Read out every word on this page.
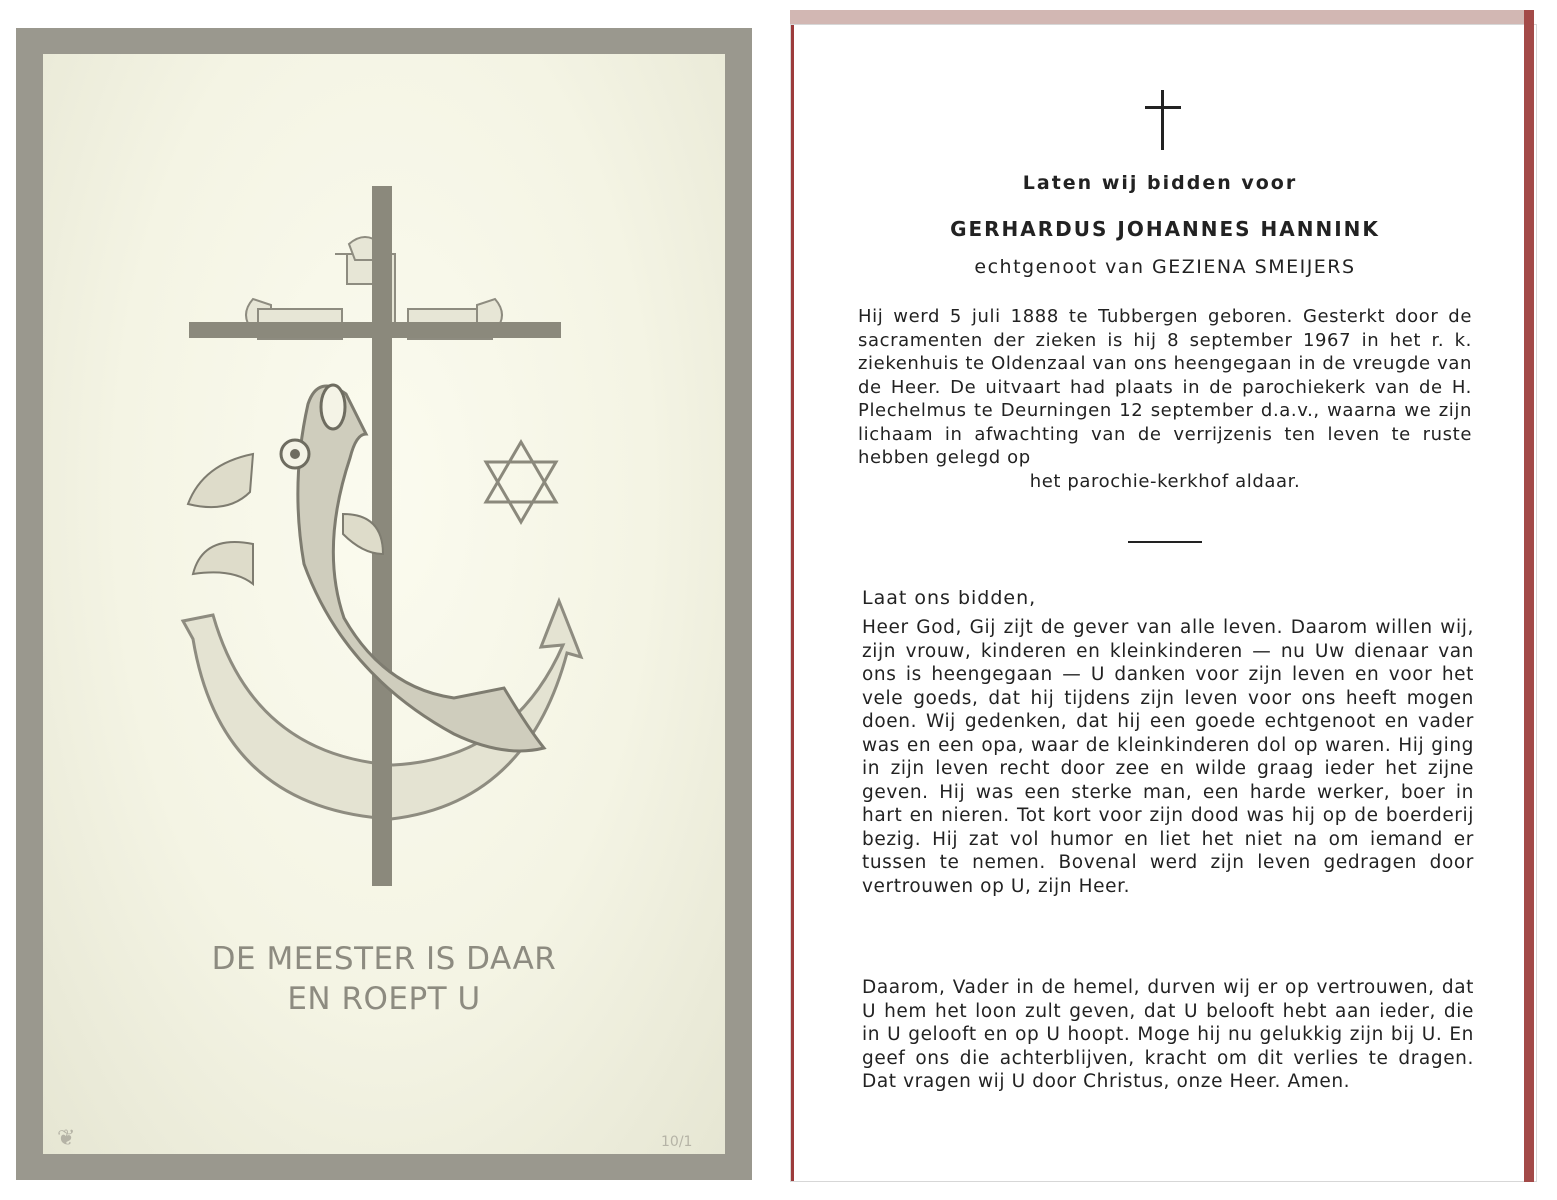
DE MEESTER IS DAAR
EN ROEPT U
❦	10/1
Laten wij bidden voor
GERHARDUS JOHANNES HANNINK
echtgenoot van GEZIENA SMEIJERS
Hij werd 5 juli 1888 te Tubbergen geboren. Gesterkt door de sacramenten der zieken is hij 8 september 1967 in het r. k. ziekenhuis te Oldenzaal van ons heengegaan in de vreugde van de Heer. De uitvaart had plaats in de parochiekerk van de H. Plechelmus te Deurningen 12 september d.a.v., waarna we zijn lichaam in afwachting van de verrijzenis ten leven te ruste hebben gelegd op
het parochie-kerkhof aldaar.
Laat ons bidden,
Heer God, Gij zijt de gever van alle leven. Daarom willen wij, zijn vrouw, kinderen en kleinkinderen — nu Uw dienaar van ons is heengegaan — U danken voor zijn leven en voor het vele goeds, dat hij tijdens zijn leven voor ons heeft mogen doen. Wij gedenken, dat hij een goede echtgenoot en vader was en een opa, waar de kleinkinderen dol op waren. Hij ging in zijn leven recht door zee en wilde graag ieder het zijne geven. Hij was een sterke man, een harde werker, boer in hart en nieren. Tot kort voor zijn dood was hij op de boerderij bezig. Hij zat vol humor en liet het niet na om iemand er tussen te nemen. Bovenal werd zijn leven gedragen door vertrouwen op U, zijn Heer.
Daarom, Vader in de hemel, durven wij er op vertrouwen, dat U hem het loon zult geven, dat U belooft hebt aan ieder, die in U gelooft en op U hoopt. Moge hij nu gelukkig zijn bij U. En geef ons die achterblijven, kracht om dit verlies te dragen. Dat vragen wij U door Christus, onze Heer. Amen.
